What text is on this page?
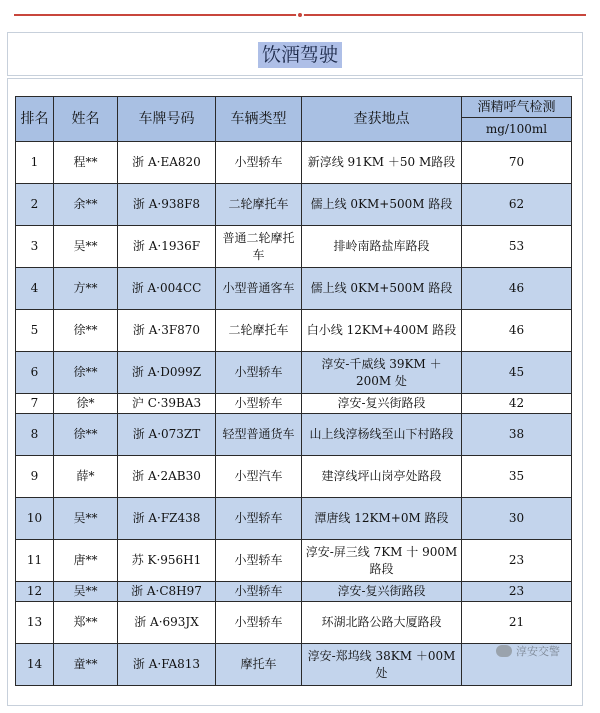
饮酒驾驶
排名	姓名	车牌号码	车辆类型	查获地点	酒精呼气检测
mg/100ml

1	程**	浙 A·EA820	小型轿车	新淳线 91KM ＋50 M路段	70
2	余**	浙 A·938F8	二轮摩托车	儒上线 0KM+500M 路段	62
3	吴**	浙 A·1936F	普通二轮摩托车	排岭南路盐库路段	53
4	方**	浙 A·004CC	小型普通客车	儒上线 0KM+500M 路段	46
5	徐**	浙 A·3F870	二轮摩托车	白小线 12KM+400M 路段	46
6	徐**	浙 A·D099Z	小型轿车	淳安-千威线 39KM ＋200M 处	45
7	徐*	沪 C·39BA3	小型轿车	淳安-复兴街路段	42
8	徐**	浙 A·073ZT	轻型普通货车	山上线淳杨线至山下村路段	38
9	薛*	浙 A·2AB30	小型汽车	建淳线坪山岗亭处路段	35
10	吴**	浙 A·FZ438	小型轿车	潭唐线 12KM+0M 路段	30
11	唐**	苏 K·956H1	小型轿车	淳安-屏三线 7KM 十 900M 路段	23
12	吴**	浙 A·C8H97	小型轿车	淳安-复兴街路段	23
13	郑**	浙 A·693JX	小型轿车	环湖北路公路大厦路段	21
14	童**	浙 A·FA813	摩托车	淳安-郑坞线 38KM ＋00M 处	
淳安交警
